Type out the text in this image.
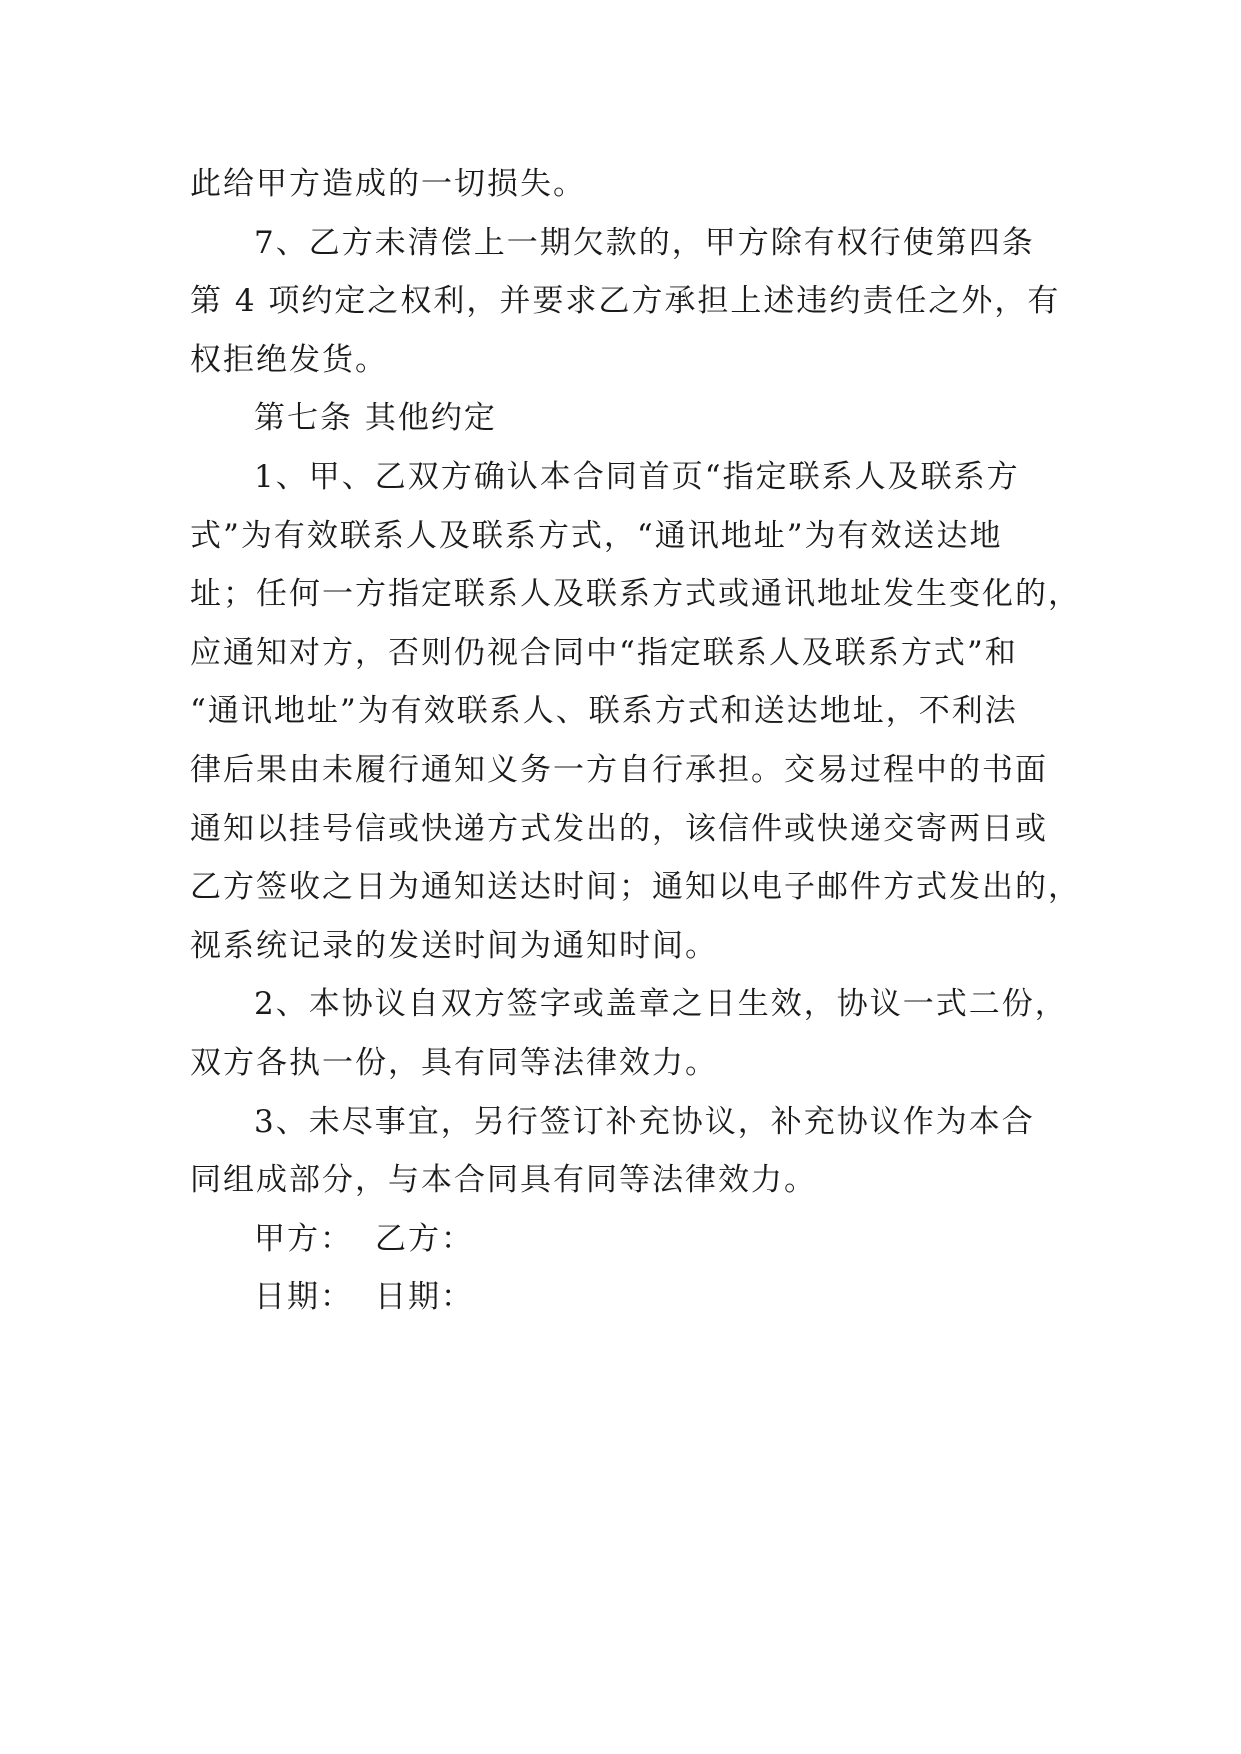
此给甲方造成的一切损失。
7、乙方未清偿上一期欠款的，甲方除有权行使第四条
第 4 项约定之权利，并要求乙方承担上述违约责任之外，有
权拒绝发货。
第七条 其他约定
1、甲、乙双方确认本合同首页“指定联系人及联系方
式”为有效联系人及联系方式，“通讯地址”为有效送达地
址；任何一方指定联系人及联系方式或通讯地址发生变化的，
应通知对方，否则仍视合同中“指定联系人及联系方式”和
“通讯地址”为有效联系人、联系方式和送达地址，不利法
律后果由未履行通知义务一方自行承担。交易过程中的书面
通知以挂号信或快递方式发出的，该信件或快递交寄两日或
乙方签收之日为通知送达时间；通知以电子邮件方式发出的，
视系统记录的发送时间为通知时间。
2、本协议自双方签字或盖章之日生效，协议一式二份，
双方各执一份，具有同等法律效力。
3、未尽事宜，另行签订补充协议，补充协议作为本合
同组成部分，与本合同具有同等法律效力。
甲方： 乙方：
日期： 日期：
